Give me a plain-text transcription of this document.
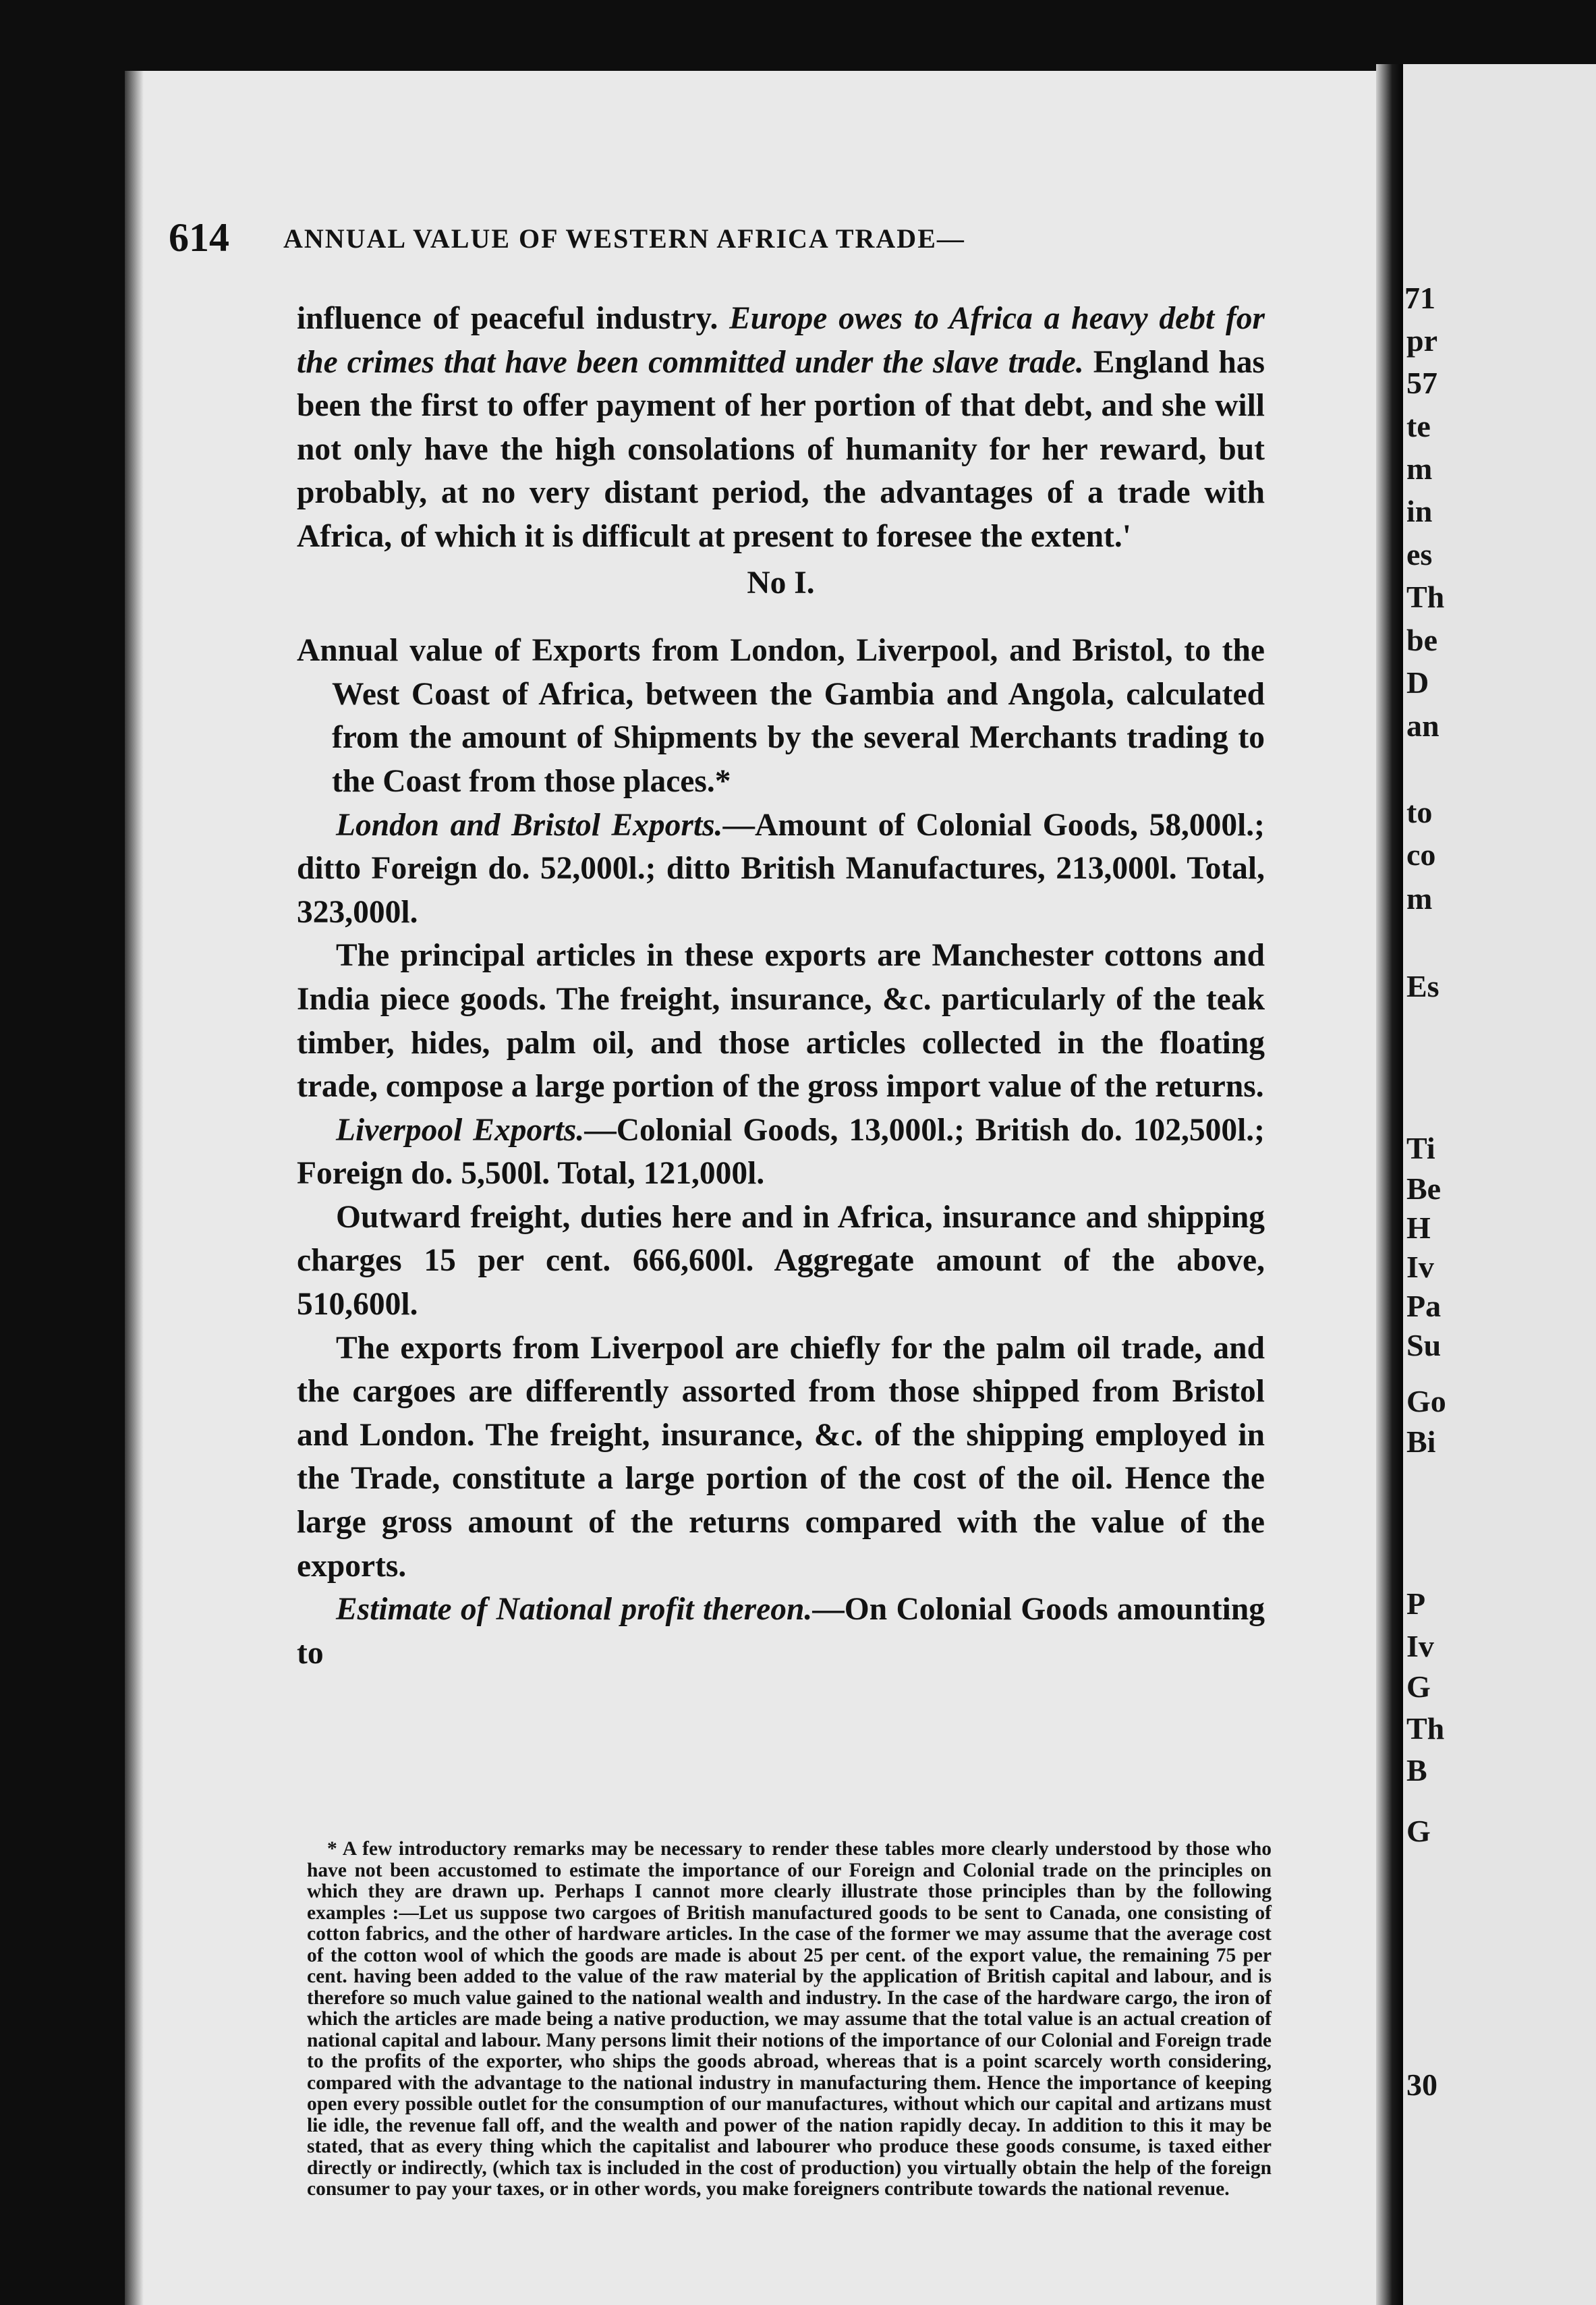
71
pr
57
te
m
in
es
Th
be
D
an
to
co
m
Es
Ti
Be
H
Iv
Pa
Su
Go
Bi
P
Iv
G
Th
B
G
30
614 ANNUAL VALUE OF WESTERN AFRICA TRADE—

influence of peaceful industry. Europe owes to Africa a heavy debt for the crimes that have been committed under the slave trade. England has been the first to offer payment of her portion of that debt, and she will not only have the high consolations of humanity for her reward, but probably, at no very distant period, the advantages of a trade with Africa, of which it is difficult at present to foresee the extent.'

No I.

Annual value of Exports from London, Liverpool, and Bristol, to the West Coast of Africa, between the Gambia and Angola, calculated from the amount of Shipments by the several Merchants trading to the Coast from those places.*

London and Bristol Exports.—Amount of Colonial Goods, 58,000l.; ditto Foreign do. 52,000l.; ditto British Manufactures, 213,000l. Total, 323,000l.

The principal articles in these exports are Manchester cottons and India piece goods. The freight, insurance, &c. particularly of the teak timber, hides, palm oil, and those articles collected in the floating trade, compose a large portion of the gross import value of the returns.

Liverpool Exports.—Colonial Goods, 13,000l.; British do. 102,500l.; Foreign do. 5,500l. Total, 121,000l.

Outward freight, duties here and in Africa, insurance and shipping charges 15 per cent. 666,600l. Aggregate amount of the above, 510,600l.

The exports from Liverpool are chiefly for the palm oil trade, and the cargoes are differently assorted from those shipped from Bristol and London. The freight, insurance, &c. of the shipping employed in the Trade, constitute a large portion of the cost of the oil. Hence the large gross amount of the returns compared with the value of the exports.

Estimate of National profit thereon.—On Colonial Goods amounting to

* A few introductory remarks may be necessary to render these tables more clearly understood by those who have not been accustomed to estimate the importance of our Foreign and Colonial trade on the principles on which they are drawn up. Perhaps I cannot more clearly illustrate those principles than by the following examples :—Let us suppose two cargoes of British manufactured goods to be sent to Canada, one consisting of cotton fabrics, and the other of hardware articles. In the case of the former we may assume that the average cost of the cotton wool of which the goods are made is about 25 per cent. of the export value, the remaining 75 per cent. having been added to the value of the raw material by the application of British capital and labour, and is therefore so much value gained to the national wealth and industry. In the case of the hardware cargo, the iron of which the articles are made being a native production, we may assume that the total value is an actual creation of national capital and labour. Many persons limit their notions of the importance of our Colonial and Foreign trade to the profits of the exporter, who ships the goods abroad, whereas that is a point scarcely worth considering, compared with the advantage to the national industry in manufacturing them. Hence the importance of keeping open every possible outlet for the consumption of our manufactures, without which our capital and artizans must lie idle, the revenue fall off, and the wealth and power of the nation rapidly decay. In addition to this it may be stated, that as every thing which the capitalist and labourer who produce these goods consume, is taxed either directly or indirectly, (which tax is included in the cost of production) you virtually obtain the help of the foreign consumer to pay your taxes, or in other words, you make foreigners contribute towards the national revenue.
